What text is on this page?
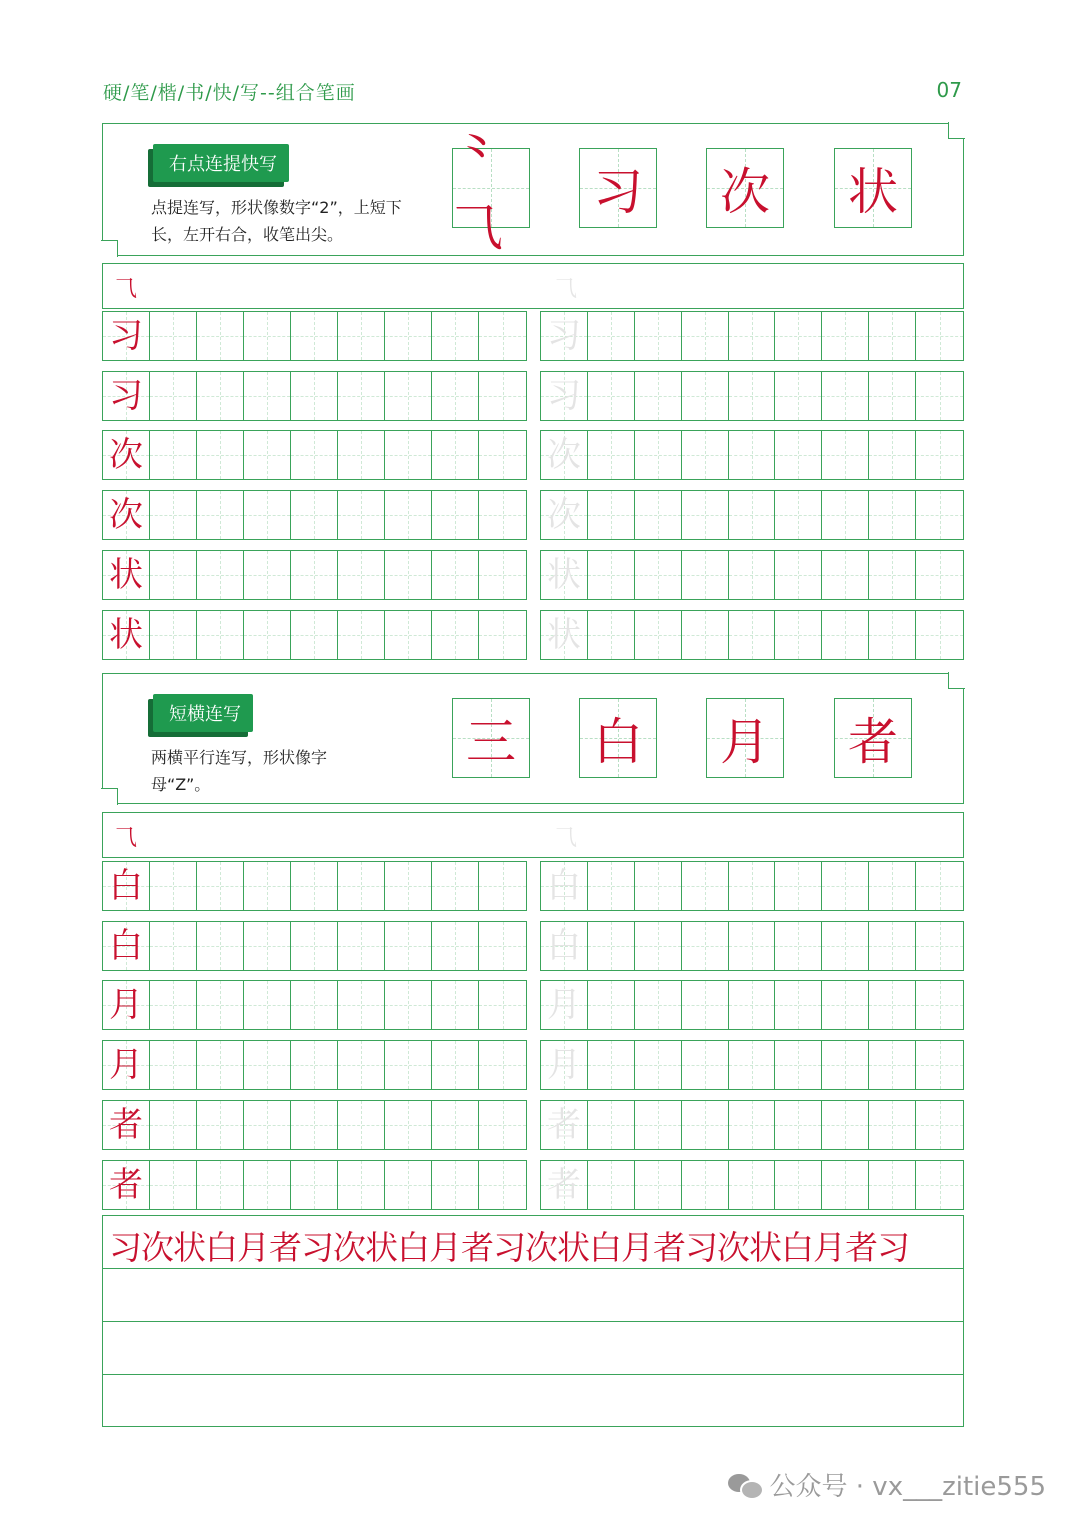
硬/笔/楷/书/快/写--组合笔画	07
右点连提快写
点提连写，形状像数字“2”，上短下长，左开右合，收笔出尖。
⺀⺄
习 次 状
⺄	⺄
习	习
习	习
次	次
次	次
状	状
状	状
短横连写
两横平行连写，形状像字母“Z”。
三 白 月 者
⺄	⺄
白	白
白	白
月	月
月	月
者	者
者	者
习次状白月者习次状白月者习次状白月者习次状白月者习
公众号 · vx___zitie555
